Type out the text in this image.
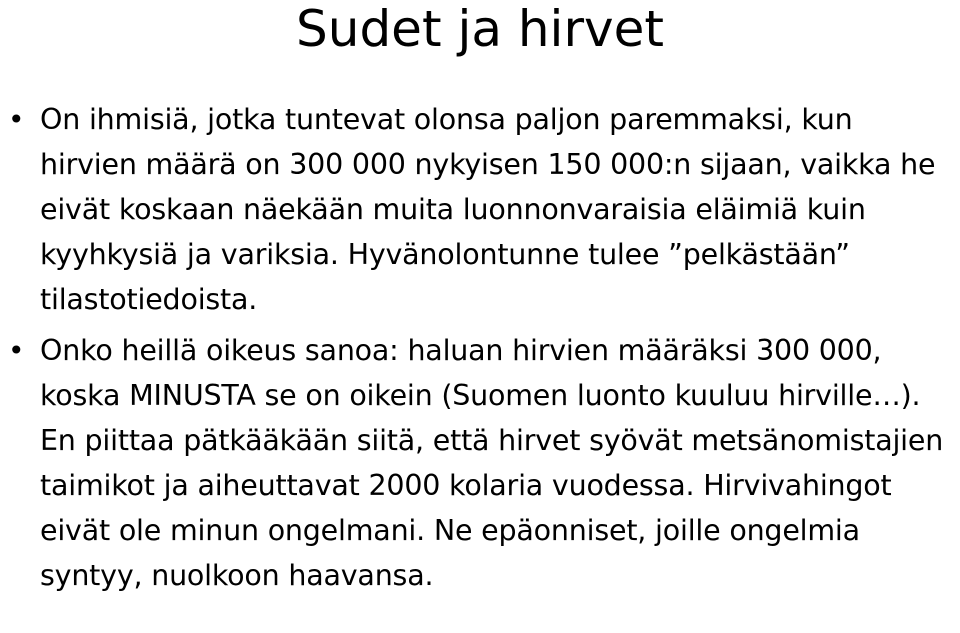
Sudet ja hirvet
• On ihmisiä, jotka tuntevat olonsa paljon paremmaksi, kun hirvien määrä on 300 000 nykyisen 150 000:n sijaan, vaikka he eivät koskaan näekään muita luonnonvaraisia eläimiä kuin kyyhkysiä ja variksia. Hyvänolontunne tulee ”pelkästään” tilastotiedoista.
• Onko heillä oikeus sanoa: haluan hirvien määräksi 300 000, koska MINUSTA se on oikein (Suomen luonto kuuluu hirville…). En piittaa pätkääkään siitä, että hirvet syövät metsänomistajien taimikot ja aiheuttavat 2000 kolaria vuodessa. Hirvivahingot eivät ole minun ongelmani. Ne epäonniset, joille ongelmia syntyy, nuolkoon haavansa.
